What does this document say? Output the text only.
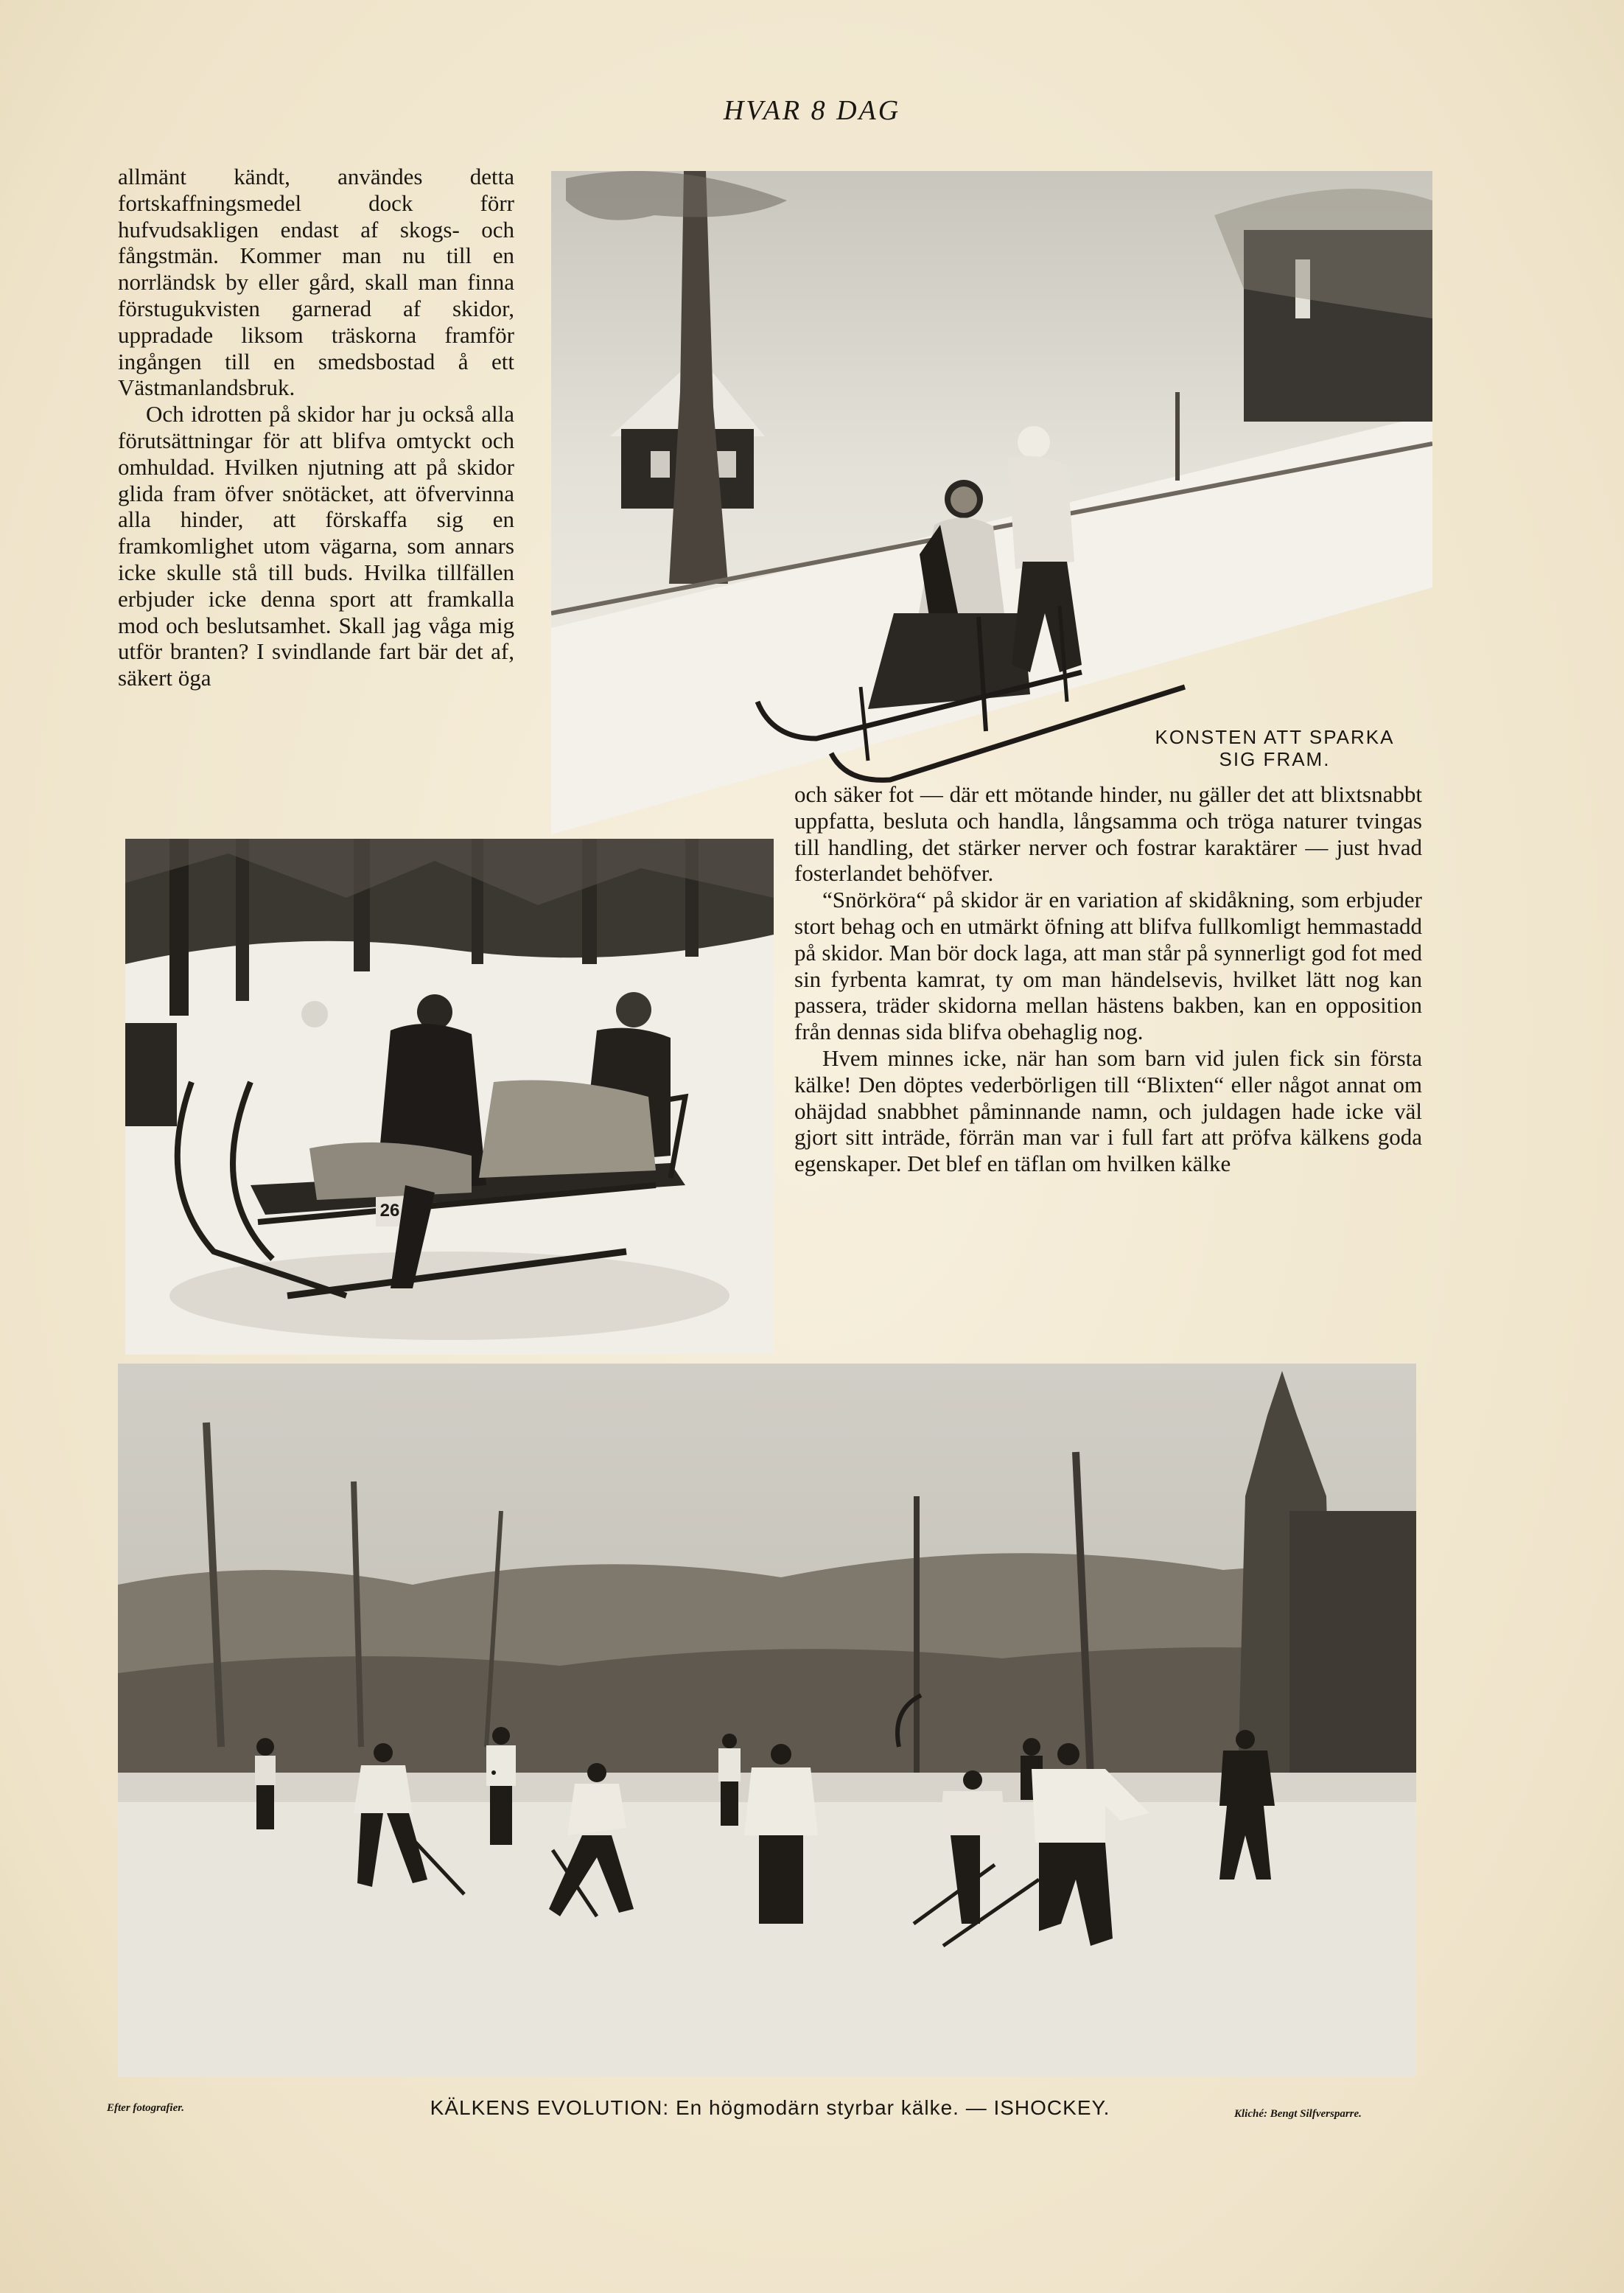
HVAR 8 DAG

allmänt kändt, användes detta fortskaffningsmedel dock förr hufvudsakligen endast af skogs- och fångstmän. Kommer man nu till en norrländsk by eller gård, skall man finna förstugukvisten garnerad af skidor, uppradade liksom träskorna framför ingången till en smedsbostad å ett Västmanlandsbruk.

Och idrotten på skidor har ju också alla förutsättningar för att blifva omtyckt och omhuldad. Hvilken njutning att på skidor glida fram öfver snötäcket, att öfvervinna alla hinder, att förskaffa sig en framkomlighet utom vägarna, som annars icke skulle stå till buds. Hvilka tillfällen erbjuder icke denna sport att framkalla mod och beslutsamhet. Skall jag våga mig utför branten? I svindlande fart bär det af, säkert öga

KONSTEN ATT SPARKA
SIG FRAM.
26

och säker fot — där ett mötande hinder, nu gäller det att blixtsnabbt uppfatta, besluta och handla, långsamma och tröga naturer tvingas till handling, det stärker nerver och fostrar karaktärer — just hvad fosterlandet behöfver.

“Snörköra“ på skidor är en variation af skidåkning, som erbjuder stort behag och en utmärkt öfning att blifva fullkomligt hemmastadd på skidor. Man bör dock laga, att man står på synnerligt god fot med sin fyrbenta kamrat, ty om man händelsevis, hvilket lätt nog kan passera, träder skidorna mellan hästens bakben, kan en opposition från dennas sida blifva obehaglig nog.

Hvem minnes icke, när han som barn vid julen fick sin första kälke! Den döptes vederbörligen till “Blixten“ eller något annat om ohäjdad snabbhet påminnande namn, och juldagen hade icke väl gjort sitt inträde, förrän man var i full fart att pröfva kälkens goda egenskaper. Det blef en täflan om hvilken kälke

Efter fotografier.	KÄLKENS EVOLUTION: En högmodärn styrbar kälke. — ISHOCKEY.	Kliché: Bengt Silfversparre.
